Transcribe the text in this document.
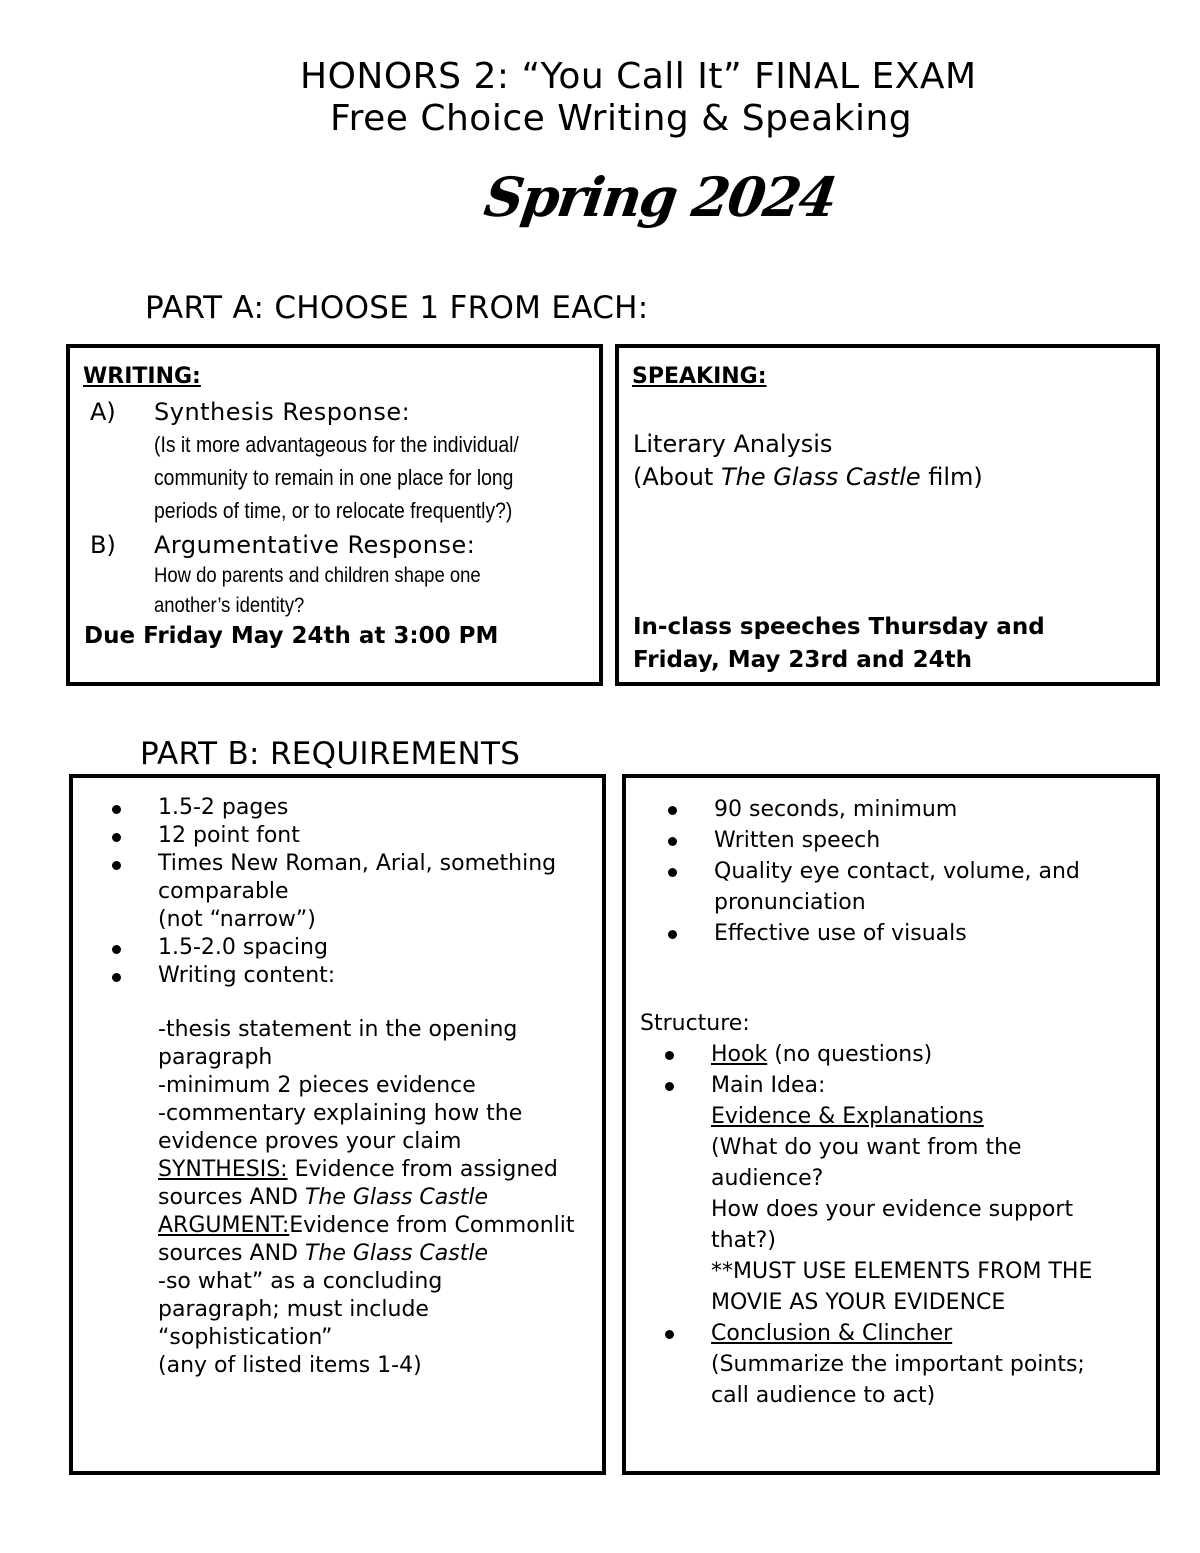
HONORS 2: “You Call It” FINAL EXAM
Free Choice Writing & Speaking
Spring 2024
PART A: CHOOSE 1 FROM EACH:
WRITING:
A) Synthesis Response:
(Is it more advantageous for the individual/
community to remain in one place for long
periods of time, or to relocate frequently?)
B) Argumentative Response:
How do parents and children shape one
another’s identity?
Due Friday May 24th at 3:00 PM
SPEAKING:
Literary Analysis
(About The Glass Castle film)
In-class speeches Thursday and
Friday, May 23rd and 24th
PART B: REQUIREMENTS
1.5-2 pages
12 point font
Times New Roman, Arial, something
comparable
(not “narrow”)
1.5-2.0 spacing
Writing content:
-thesis statement in the opening
paragraph
-minimum 2 pieces evidence
-commentary explaining how the
evidence proves your claim
SYNTHESIS: Evidence from assigned
sources AND The Glass Castle
ARGUMENT:Evidence from Commonlit
sources AND The Glass Castle
-so what” as a concluding
paragraph; must include
“sophistication”
(any of listed items 1-4)
90 seconds, minimum
Written speech
Quality eye contact, volume, and
pronunciation
Effective use of visuals
Structure:
Hook (no questions)
Main Idea:
Evidence & Explanations
(What do you want from the
audience?
How does your evidence support
that?)
**MUST USE ELEMENTS FROM THE
MOVIE AS YOUR EVIDENCE
Conclusion & Clincher
(Summarize the important points;
call audience to act)
